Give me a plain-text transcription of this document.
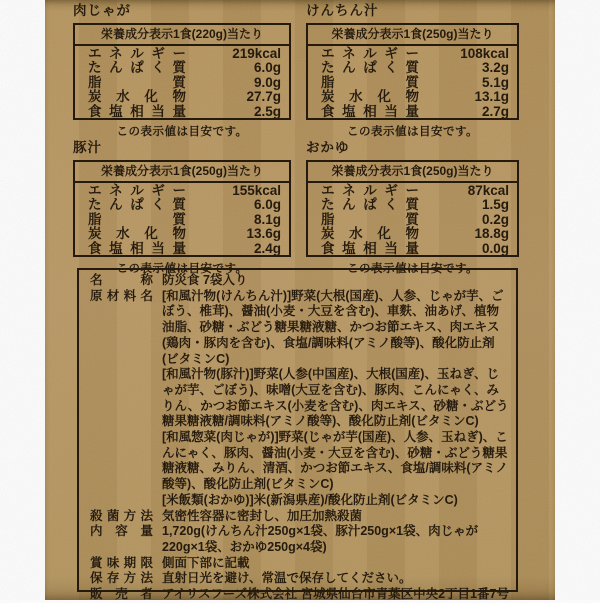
肉じゃが
栄養成分表示1食(220g)当たり
エネルギー	219kcal
たんぱく質	6.0g
脂質	9.0g
炭水化物	27.7g
食塩相当量	2.5g
この表示値は目安です。
けんちん汁
栄養成分表示1食(250g)当たり
エネルギー	108kcal
たんぱく質	3.2g
脂質	5.1g
炭水化物	13.1g
食塩相当量	2.7g
この表示値は目安です。
豚汁
栄養成分表示1食(250g)当たり
エネルギー	155kcal
たんぱく質	6.0g
脂質	8.1g
炭水化物	13.6g
食塩相当量	2.4g
この表示値は目安です。
おかゆ
栄養成分表示1食(250g)当たり
エネルギー	87kcal
たんぱく質	1.5g
脂質	0.2g
炭水化物	18.8g
食塩相当量	0.0g
この表示値は目安です。
名称 防災食 7袋入り
原材料名 [和風汁物(けんちん汁)]野菜(大根(国産)、人参、じゃが芋、ごぼう、椎茸)、醤油(小麦・大豆を含む)、車麩、油あげ、植物油脂、砂糖・ぶどう糖果糖液糖、かつお節エキス、肉エキス(鶏肉・豚肉を含む)、食塩/調味料(アミノ酸等)、酸化防止剤(ビタミンC)

[和風汁物(豚汁)]野菜(人参(中国産)、大根(国産)、玉ねぎ、じゃが芋、ごぼう)、味噌(大豆を含む)、豚肉、こんにゃく、みりん、かつお節エキス(小麦を含む)、肉エキス、砂糖・ぶどう糖果糖液糖/調味料(アミノ酸等)、酸化防止剤(ビタミンC)

[和風惣菜(肉じゃが)]野菜(じゃが芋(国産)、人参、玉ねぎ)、こんにゃく、豚肉、醤油(小麦・大豆を含む)、砂糖・ぶどう糖果糖液糖、みりん、清酒、かつお節エキス、食塩/調味料(アミノ酸等)、酸化防止剤(ビタミンC)

[米飯類(おかゆ)]米(新潟県産)/酸化防止剤(ビタミンC)

殺菌方法 気密性容器に密封し、加圧加熱殺菌
内容量 1,720g(けんちん汁250g×1袋、豚汁250g×1袋、肉じゃが220g×1袋、おかゆ250g×4袋)
賞味期限 側面下部に記載
保存方法 直射日光を避け、常温で保存してください。
販売者 アイリスフーズ株式会社 宮城県仙台市青葉区中央2丁目1番7号
